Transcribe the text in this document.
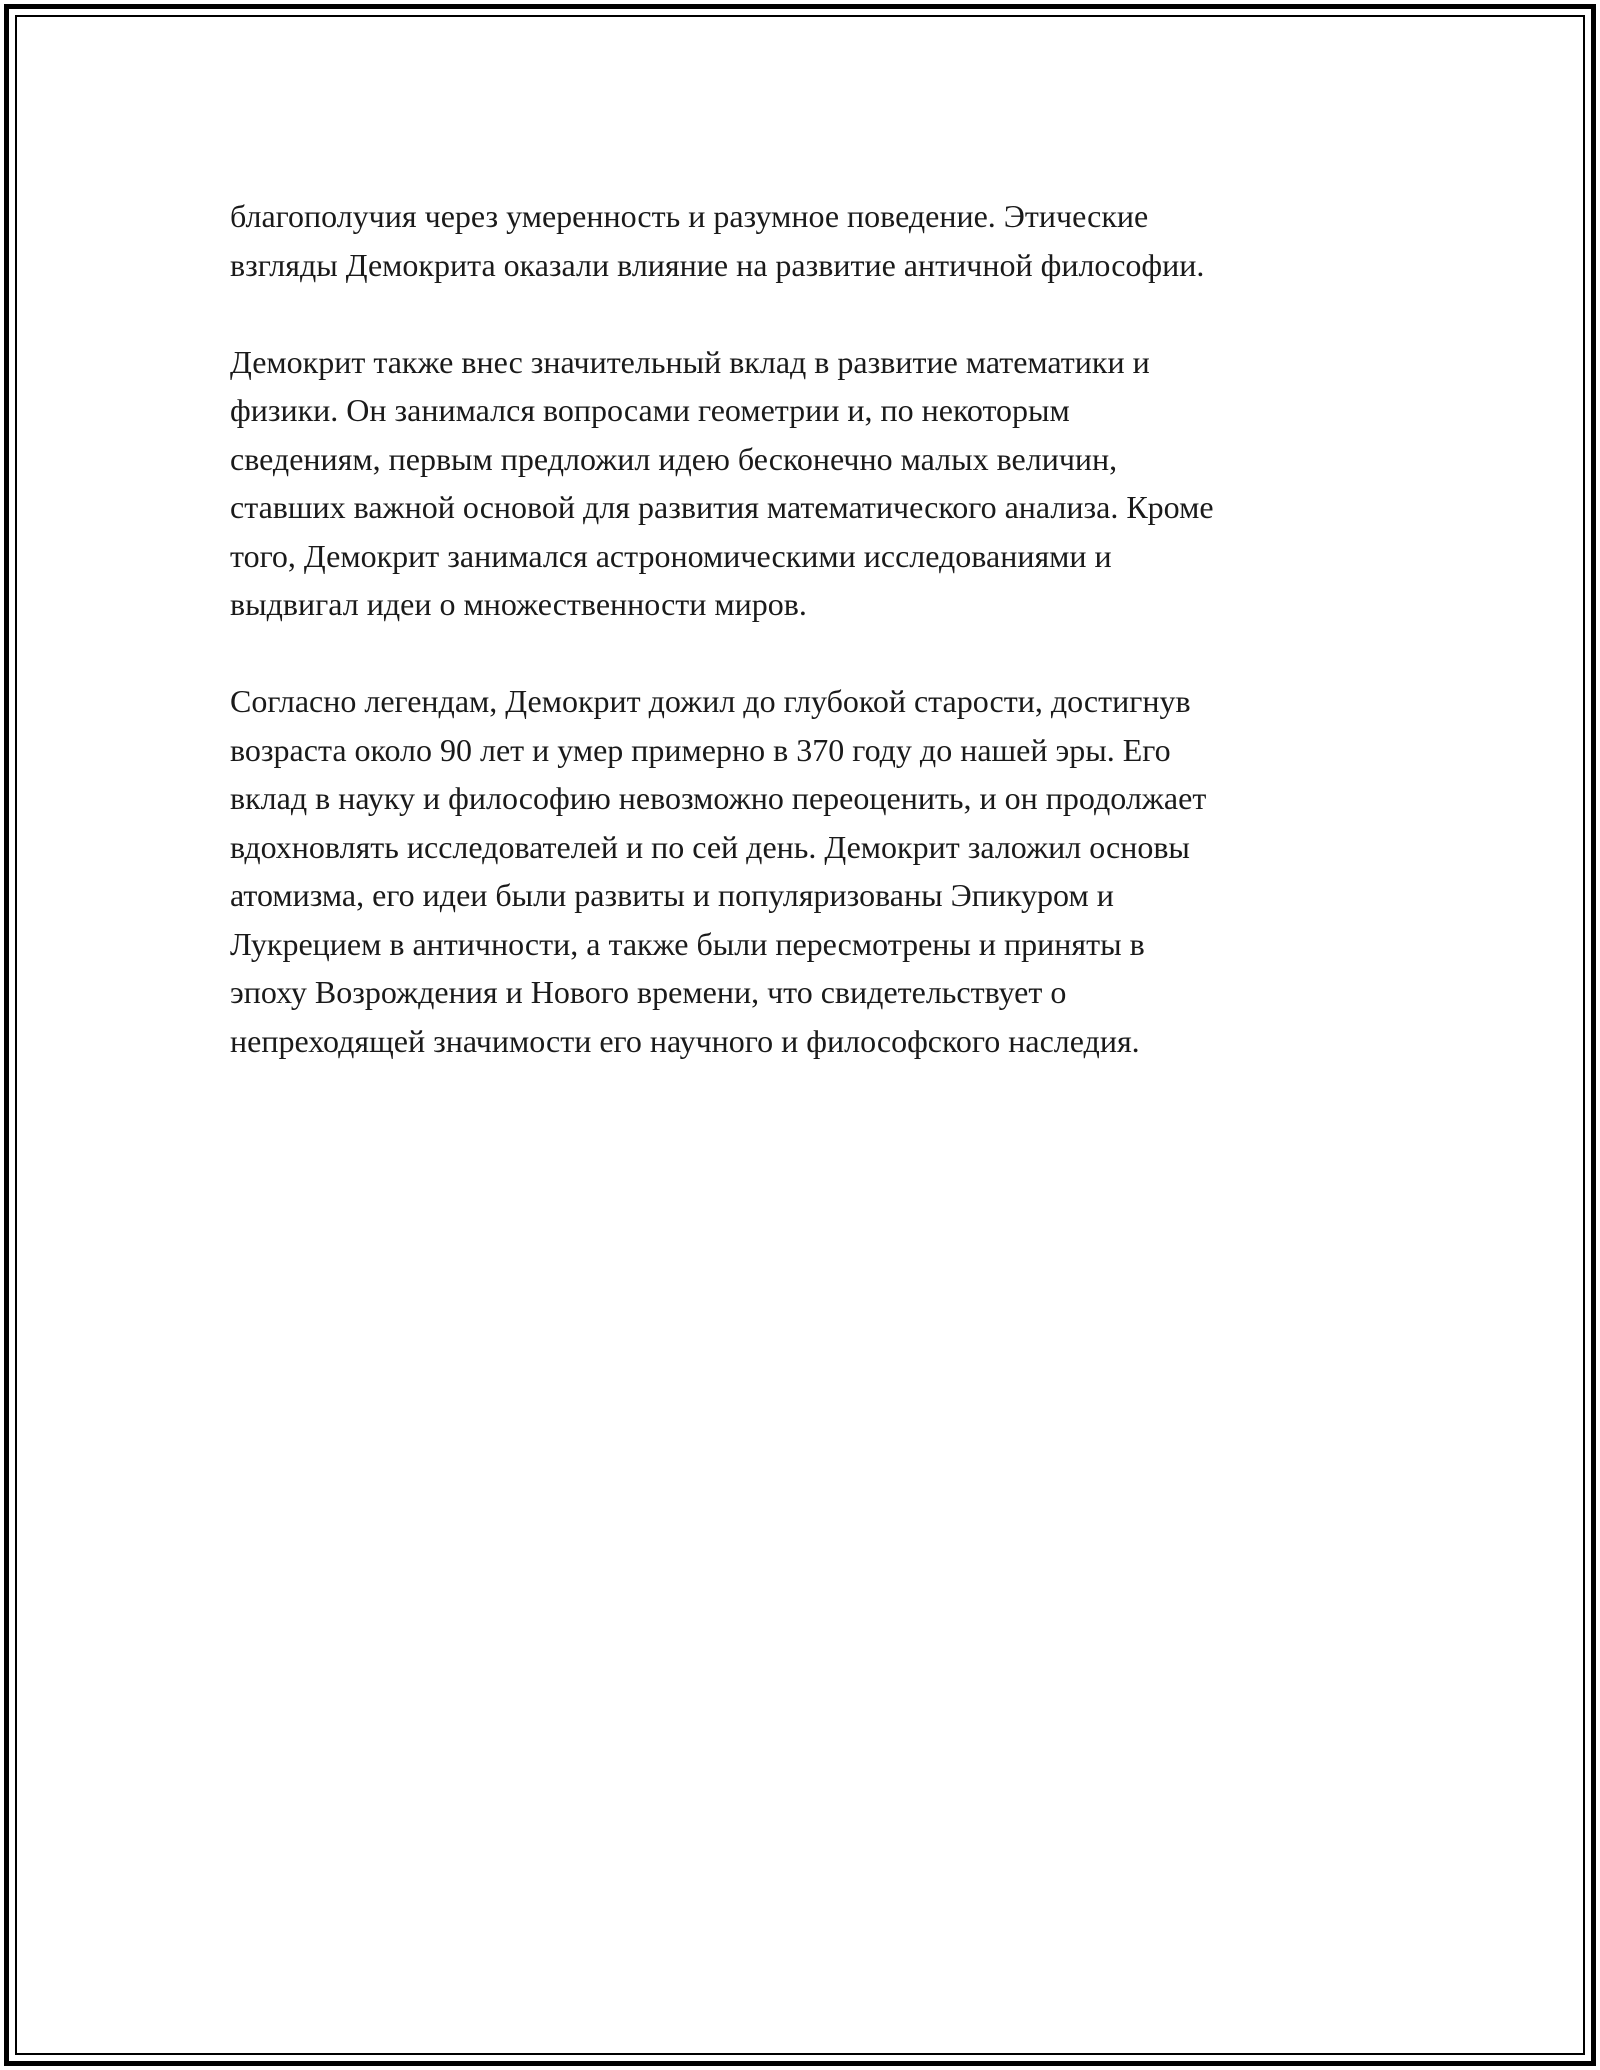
благополучия через умеренность и разумное поведение. Этические
взгляды Демокрита оказали влияние на развитие античной философии.

Демокрит также внес значительный вклад в развитие математики и
физики. Он занимался вопросами геометрии и, по некоторым
сведениям, первым предложил идею бесконечно малых величин,
ставших важной основой для развития математического анализа. Кроме
того, Демокрит занимался астрономическими исследованиями и
выдвигал идеи о множественности миров.

Согласно легендам, Демокрит дожил до глубокой старости, достигнув
возраста около 90 лет и умер примерно в 370 году до нашей эры. Его
вклад в науку и философию невозможно переоценить, и он продолжает
вдохновлять исследователей и по сей день. Демокрит заложил основы
атомизма, его идеи были развиты и популяризованы Эпикуром и
Лукрецием в античности, а также были пересмотрены и приняты в
эпоху Возрождения и Нового времени, что свидетельствует о
непреходящей значимости его научного и философского наследия.
